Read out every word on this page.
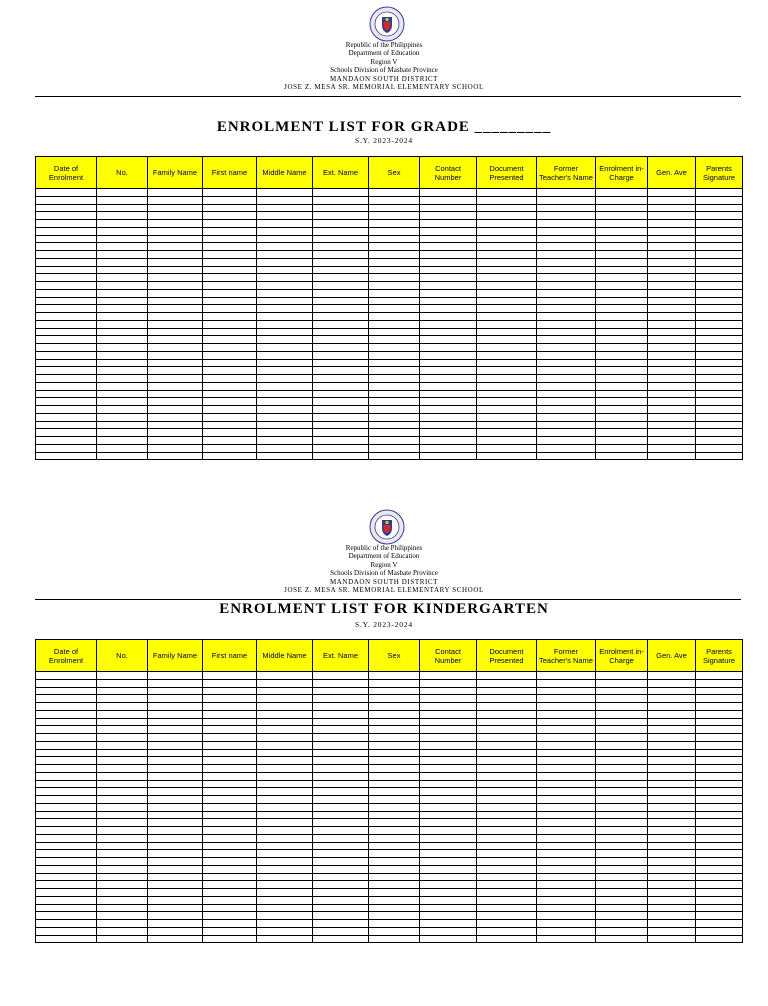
Republic of the Philippines
Department of Education
Region V
Schools Division of Masbate Province
MANDAON SOUTH DISTRICT
JOSE Z. MESA SR. MEMORIAL ELEMENTARY SCHOOL
ENROLMENT LIST FOR GRADE _________
S.Y. 2023-2024
Date of Enrolment	No.	Family Name	First name	Middle Name	Ext. Name	Sex	Contact Number	Document Presented	Former Teacher's Name	Enrolment in-Charge	Gen. Ave	Parents Signature

Republic of the Philippines
Department of Education
Region V
Schools Division of Masbate Province
MANDAON SOUTH DISTRICT
JOSE Z. MESA SR. MEMORIAL ELEMENTARY SCHOOL
ENROLMENT LIST FOR KINDERGARTEN
S.Y. 2023-2024
Date of Enrolment	No.	Family Name	First name	Middle Name	Ext. Name	Sex	Contact Number	Document Presented	Former Teacher's Name	Enrolment in-Charge	Gen. Ave	Parents Signature
